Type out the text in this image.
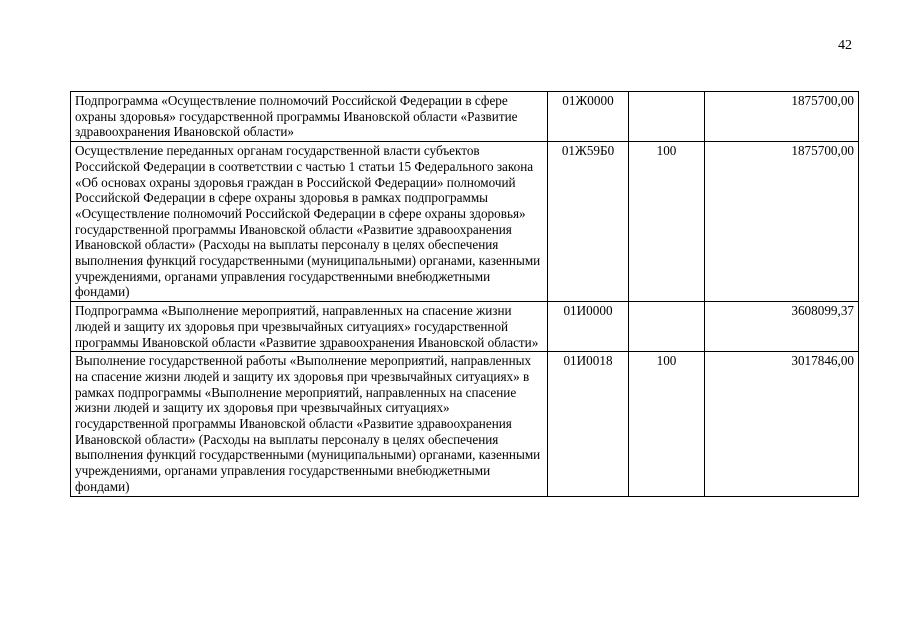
42
Подпрограмма «Осуществление полномочий Российской Федерации в сфере охраны здоровья» государственной программы Ивановской области «Развитие здравоохранения Ивановской области»	01Ж0000		1875700,00
Осуществление переданных органам государственной власти субъектов Российской Федерации в соответствии с частью 1 статьи 15 Федерального закона «Об основах охраны здоровья граждан в Российской Федерации» полномочий Российской Федерации в сфере охраны здоровья в рамках подпрограммы «Осуществление полномочий Российской Федерации в сфере охраны здоровья» государственной программы Ивановской области «Развитие здравоохранения Ивановской области» (Расходы на выплаты персоналу в целях обеспечения выполнения функций государственными (муниципальными) органами, казенными учреждениями, органами управления государственными внебюджетными фондами)	01Ж59Б0	100	1875700,00
Подпрограмма «Выполнение мероприятий, направленных на спасение жизни людей и защиту их здоровья при чрезвычайных ситуациях» государственной программы Ивановской области «Развитие здравоохранения Ивановской области»	01И0000		3608099,37
Выполнение государственной работы «Выполнение мероприятий, направленных на спасение жизни людей и защиту их здоровья при чрезвычайных ситуациях» в рамках подпрограммы «Выполнение мероприятий, направленных на спасение жизни людей и защиту их здоровья при чрезвычайных ситуациях» государственной программы Ивановской области «Развитие здравоохранения Ивановской области» (Расходы на выплаты персоналу в целях обеспечения выполнения функций государственными (муниципальными) органами, казенными учреждениями, органами управления государственными внебюджетными фондами)	01И0018	100	3017846,00
